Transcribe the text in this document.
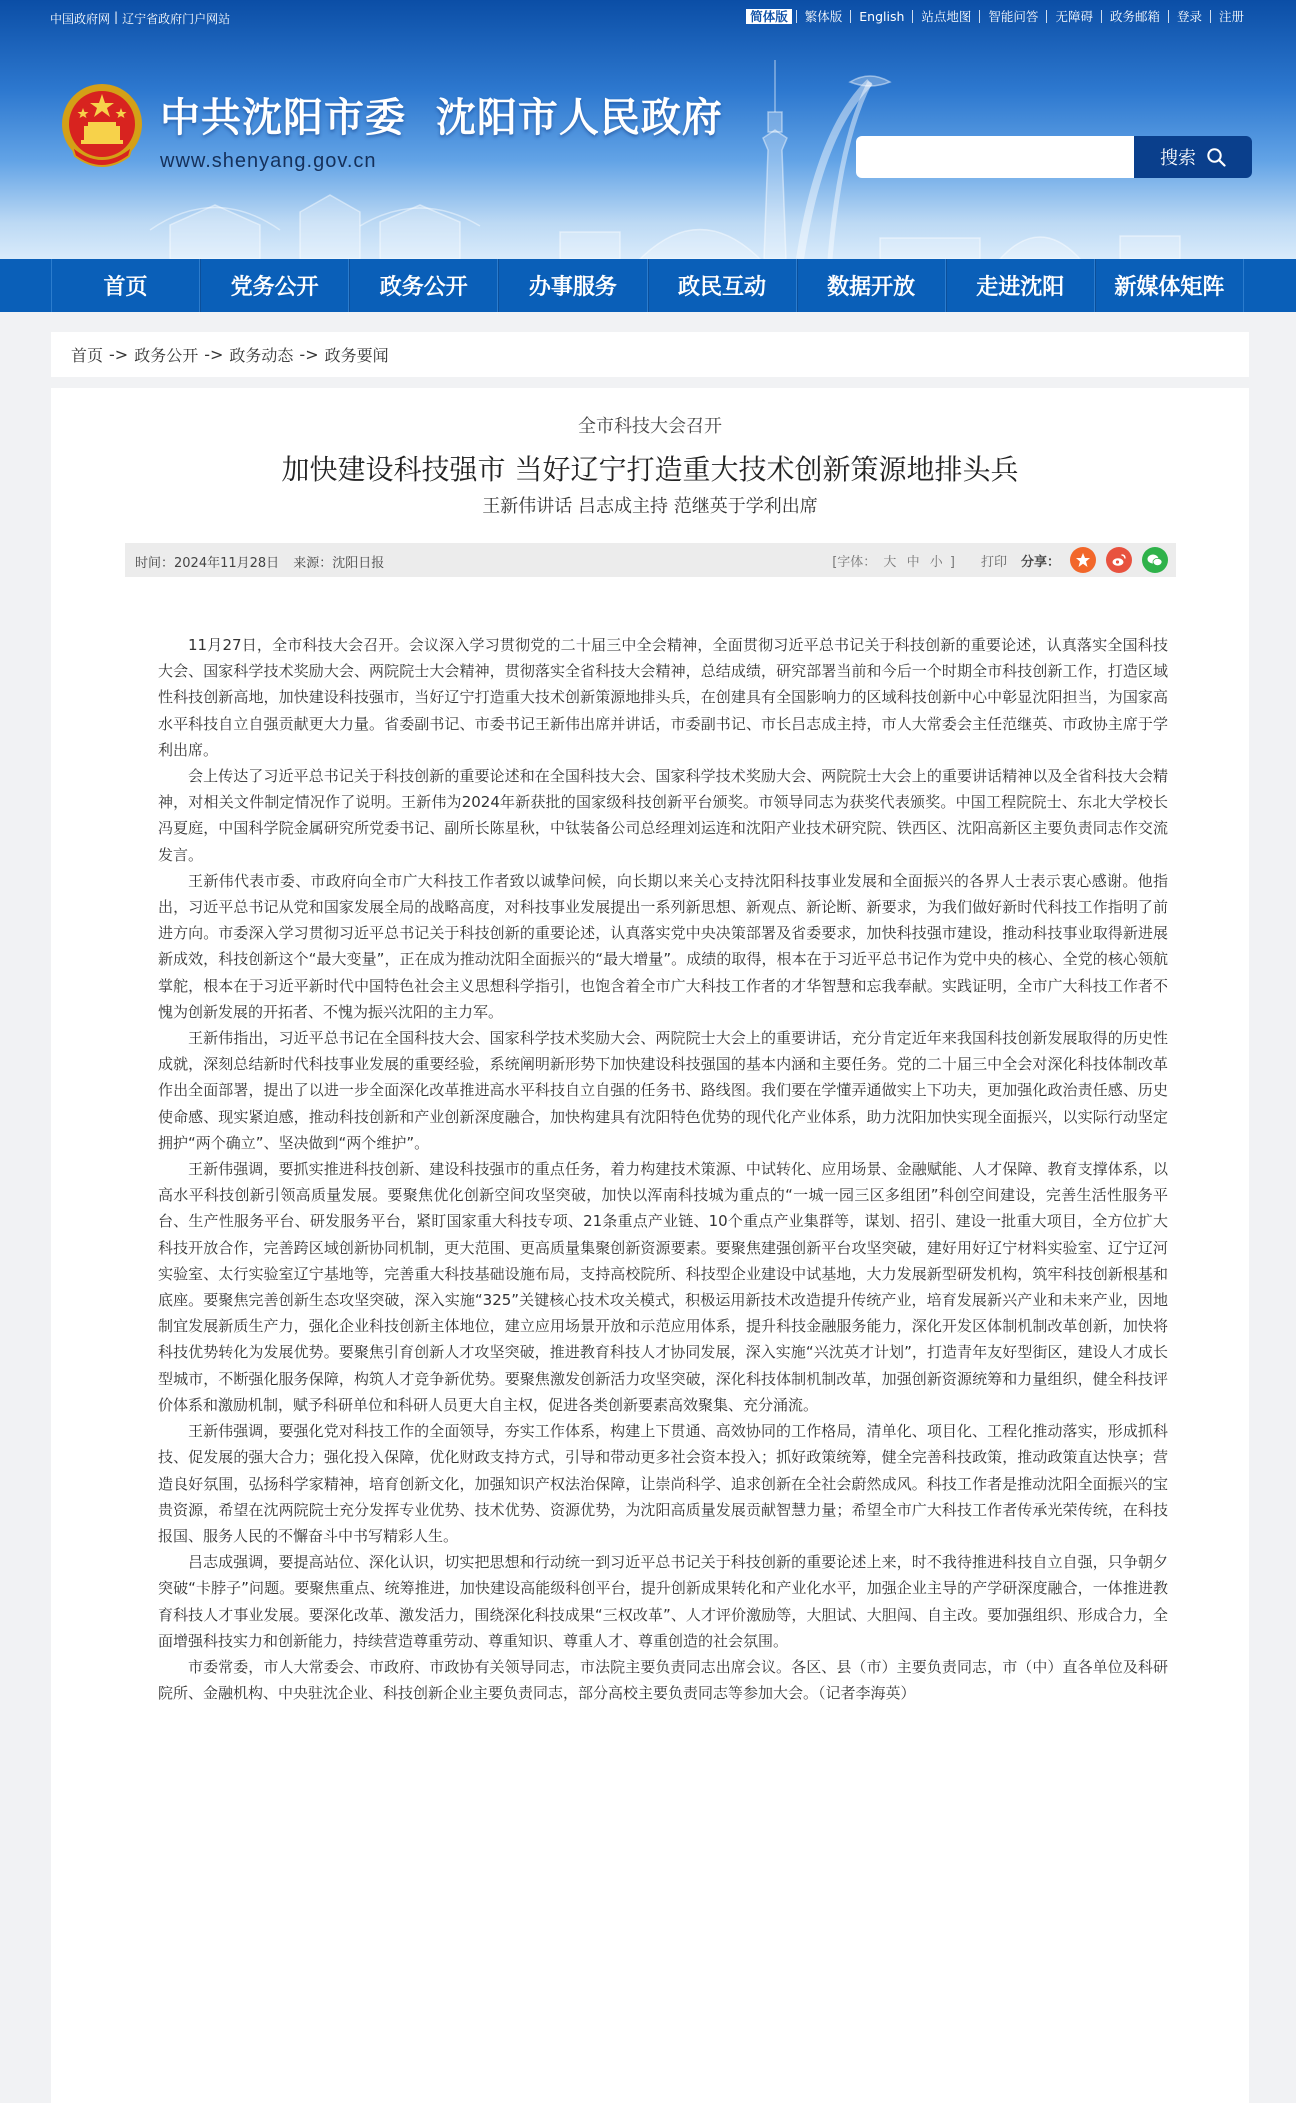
中国政府网 | 辽宁省政府门户网站	简体版	繁体版	English	站点地图	智能问答	无障碍	政务邮箱	登录	注册
中共沈阳市委  沈阳市人民政府
www.shenyang.gov.cn	搜索
首页	党务公开	政务公开	办事服务	政民互动	数据开放	走进沈阳	新媒体矩阵
首页 -> 政务公开 -> 政务动态 -> 政务要闻
全市科技大会召开
加快建设科技强市 当好辽宁打造重大技术创新策源地排头兵
王新伟讲话 吕志成主持 范继英于学利出席
时间： 2024年11月28日 来源： 沈阳日报	[字体： 大 中 小 ] 打印 分享：

11月27日，全市科技大会召开。会议深入学习贯彻党的二十届三中全会精神，全面贯彻习近平总书记关于科技创新的重要论述，认真落实全国科技大会、国家科学技术奖励大会、两院院士大会精神，贯彻落实全省科技大会精神，总结成绩，研究部署当前和今后一个时期全市科技创新工作，打造区域性科技创新高地，加快建设科技强市，当好辽宁打造重大技术创新策源地排头兵，在创建具有全国影响力的区域科技创新中心中彰显沈阳担当，为国家高水平科技自立自强贡献更大力量。省委副书记、市委书记王新伟出席并讲话，市委副书记、市长吕志成主持，市人大常委会主任范继英、市政协主席于学利出席。

会上传达了习近平总书记关于科技创新的重要论述和在全国科技大会、国家科学技术奖励大会、两院院士大会上的重要讲话精神以及全省科技大会精神，对相关文件制定情况作了说明。王新伟为2024年新获批的国家级科技创新平台颁奖。市领导同志为获奖代表颁奖。中国工程院院士、东北大学校长冯夏庭，中国科学院金属研究所党委书记、副所长陈星秋，中钛装备公司总经理刘运连和沈阳产业技术研究院、铁西区、沈阳高新区主要负责同志作交流发言。

王新伟代表市委、市政府向全市广大科技工作者致以诚挚问候，向长期以来关心支持沈阳科技事业发展和全面振兴的各界人士表示衷心感谢。他指出，习近平总书记从党和国家发展全局的战略高度，对科技事业发展提出一系列新思想、新观点、新论断、新要求，为我们做好新时代科技工作指明了前进方向。市委深入学习贯彻习近平总书记关于科技创新的重要论述，认真落实党中央决策部署及省委要求，加快科技强市建设，推动科技事业取得新进展新成效，科技创新这个“最大变量”，正在成为推动沈阳全面振兴的“最大增量”。成绩的取得，根本在于习近平总书记作为党中央的核心、全党的核心领航掌舵，根本在于习近平新时代中国特色社会主义思想科学指引，也饱含着全市广大科技工作者的才华智慧和忘我奉献。实践证明，全市广大科技工作者不愧为创新发展的开拓者、不愧为振兴沈阳的主力军。

王新伟指出，习近平总书记在全国科技大会、国家科学技术奖励大会、两院院士大会上的重要讲话，充分肯定近年来我国科技创新发展取得的历史性成就，深刻总结新时代科技事业发展的重要经验，系统阐明新形势下加快建设科技强国的基本内涵和主要任务。党的二十届三中全会对深化科技体制改革作出全面部署，提出了以进一步全面深化改革推进高水平科技自立自强的任务书、路线图。我们要在学懂弄通做实上下功夫，更加强化政治责任感、历史使命感、现实紧迫感，推动科技创新和产业创新深度融合，加快构建具有沈阳特色优势的现代化产业体系，助力沈阳加快实现全面振兴，以实际行动坚定拥护“两个确立”、坚决做到“两个维护”。

王新伟强调，要抓实推进科技创新、建设科技强市的重点任务，着力构建技术策源、中试转化、应用场景、金融赋能、人才保障、教育支撑体系，以高水平科技创新引领高质量发展。要聚焦优化创新空间攻坚突破，加快以浑南科技城为重点的“一城一园三区多组团”科创空间建设，完善生活性服务平台、生产性服务平台、研发服务平台，紧盯国家重大科技专项、21条重点产业链、10个重点产业集群等，谋划、招引、建设一批重大项目，全方位扩大科技开放合作，完善跨区域创新协同机制，更大范围、更高质量集聚创新资源要素。要聚焦建强创新平台攻坚突破，建好用好辽宁材料实验室、辽宁辽河实验室、太行实验室辽宁基地等，完善重大科技基础设施布局，支持高校院所、科技型企业建设中试基地，大力发展新型研发机构，筑牢科技创新根基和底座。要聚焦完善创新生态攻坚突破，深入实施“325”关键核心技术攻关模式，积极运用新技术改造提升传统产业，培育发展新兴产业和未来产业，因地制宜发展新质生产力，强化企业科技创新主体地位，建立应用场景开放和示范应用体系，提升科技金融服务能力，深化开发区体制机制改革创新，加快将科技优势转化为发展优势。要聚焦引育创新人才攻坚突破，推进教育科技人才协同发展，深入实施“兴沈英才计划”，打造青年友好型街区，建设人才成长型城市，不断强化服务保障，构筑人才竞争新优势。要聚焦激发创新活力攻坚突破，深化科技体制机制改革，加强创新资源统筹和力量组织，健全科技评价体系和激励机制，赋予科研单位和科研人员更大自主权，促进各类创新要素高效聚集、充分涌流。

王新伟强调，要强化党对科技工作的全面领导，夯实工作体系，构建上下贯通、高效协同的工作格局，清单化、项目化、工程化推动落实，形成抓科技、促发展的强大合力；强化投入保障，优化财政支持方式，引导和带动更多社会资本投入；抓好政策统筹，健全完善科技政策，推动政策直达快享；营造良好氛围，弘扬科学家精神，培育创新文化，加强知识产权法治保障，让崇尚科学、追求创新在全社会蔚然成风。科技工作者是推动沈阳全面振兴的宝贵资源，希望在沈两院院士充分发挥专业优势、技术优势、资源优势，为沈阳高质量发展贡献智慧力量；希望全市广大科技工作者传承光荣传统，在科技报国、服务人民的不懈奋斗中书写精彩人生。

吕志成强调，要提高站位、深化认识，切实把思想和行动统一到习近平总书记关于科技创新的重要论述上来，时不我待推进科技自立自强，只争朝夕突破“卡脖子”问题。要聚焦重点、统筹推进，加快建设高能级科创平台，提升创新成果转化和产业化水平，加强企业主导的产学研深度融合，一体推进教育科技人才事业发展。要深化改革、激发活力，围绕深化科技成果“三权改革”、人才评价激励等，大胆试、大胆闯、自主改。要加强组织、形成合力，全面增强科技实力和创新能力，持续营造尊重劳动、尊重知识、尊重人才、尊重创造的社会氛围。

市委常委，市人大常委会、市政府、市政协有关领导同志，市法院主要负责同志出席会议。各区、县（市）主要负责同志，市（中）直各单位及科研院所、金融机构、中央驻沈企业、科技创新企业主要负责同志，部分高校主要负责同志等参加大会。（记者李海英）
